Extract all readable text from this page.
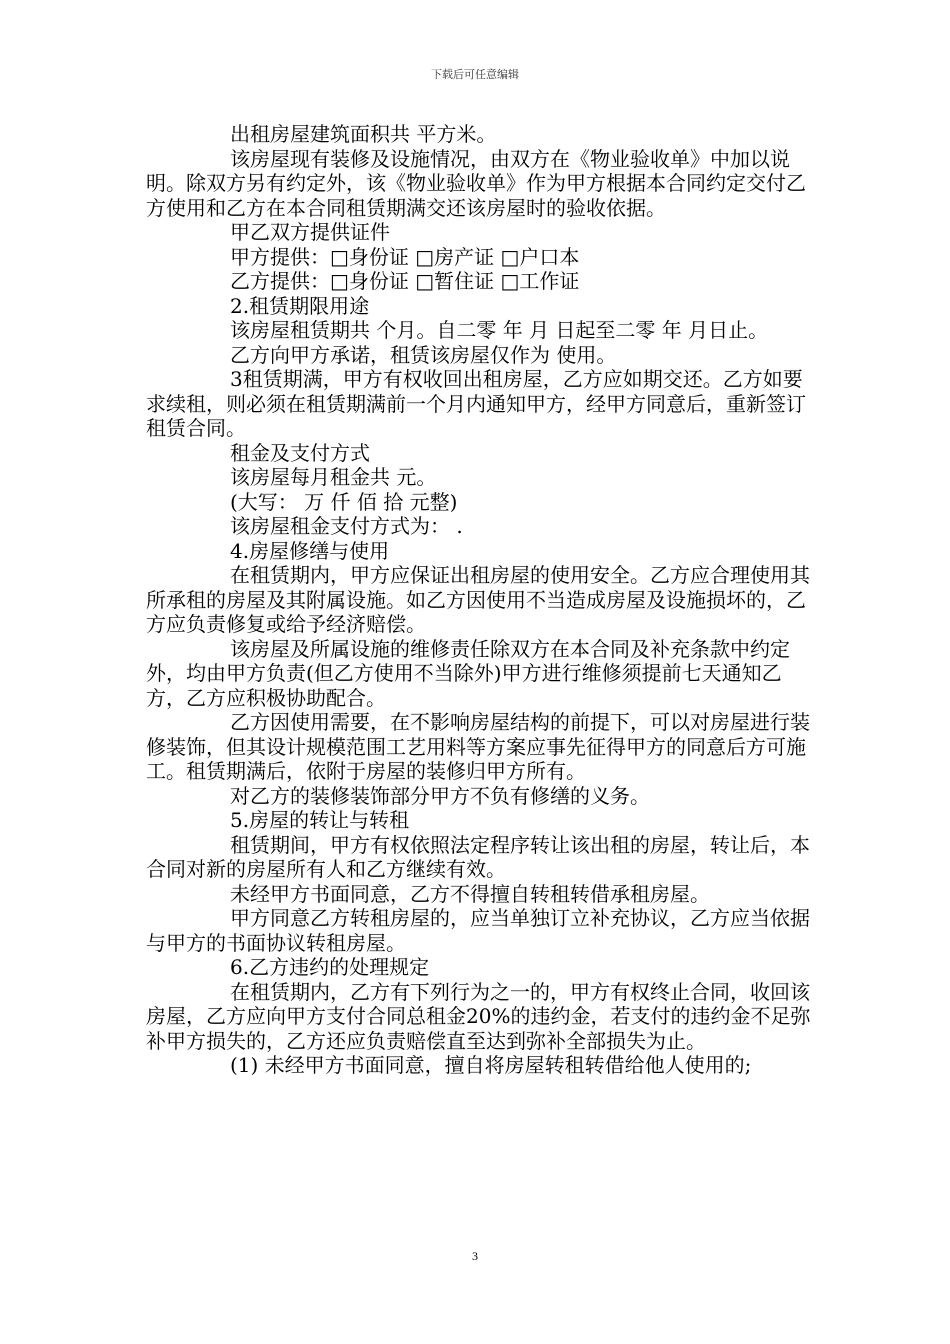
下载后可任意编辑

出租房屋建筑面积共 平方米。

该房屋现有装修及设施情况，由双方在《物业验收单》中加以说明。除双方另有约定外，该《物业验收单》作为甲方根据本合同约定交付乙方使用和乙方在本合同租赁期满交还该房屋时的验收依据。

甲乙双方提供证件

甲方提供：□身份证 □房产证 □户口本

乙方提供：□身份证 □暂住证 □工作证

2.租赁期限用途

该房屋租赁期共 个月。自二零 年 月 日起至二零 年 月日止。

乙方向甲方承诺，租赁该房屋仅作为 使用。

3租赁期满，甲方有权收回出租房屋，乙方应如期交还。乙方如要求续租，则必须在租赁期满前一个月内通知甲方，经甲方同意后，重新签订租赁合同。

租金及支付方式

该房屋每月租金共 元。

(大写： 万 仟 佰 拾 元整)

该房屋租金支付方式为： .

4.房屋修缮与使用

在租赁期内，甲方应保证出租房屋的使用安全。乙方应合理使用其所承租的房屋及其附属设施。如乙方因使用不当造成房屋及设施损坏的，乙方应负责修复或给予经济赔偿。

该房屋及所属设施的维修责任除双方在本合同及补充条款中约定外，均由甲方负责(但乙方使用不当除外)甲方进行维修须提前七天通知乙方，乙方应积极协助配合。

乙方因使用需要，在不影响房屋结构的前提下，可以对房屋进行装修装饰，但其设计规模范围工艺用料等方案应事先征得甲方的同意后方可施工。租赁期满后，依附于房屋的装修归甲方所有。

对乙方的装修装饰部分甲方不负有修缮的义务。

5.房屋的转让与转租

租赁期间，甲方有权依照法定程序转让该出租的房屋，转让后，本合同对新的房屋所有人和乙方继续有效。

未经甲方书面同意，乙方不得擅自转租转借承租房屋。

甲方同意乙方转租房屋的，应当单独订立补充协议，乙方应当依据与甲方的书面协议转租房屋。

6.乙方违约的处理规定

在租赁期内，乙方有下列行为之一的，甲方有权终止合同，收回该房屋，乙方应向甲方支付合同总租金20%的违约金，若支付的违约金不足弥补甲方损失的，乙方还应负责赔偿直至达到弥补全部损失为止。

(1) 未经甲方书面同意，擅自将房屋转租转借给他人使用的;

3
